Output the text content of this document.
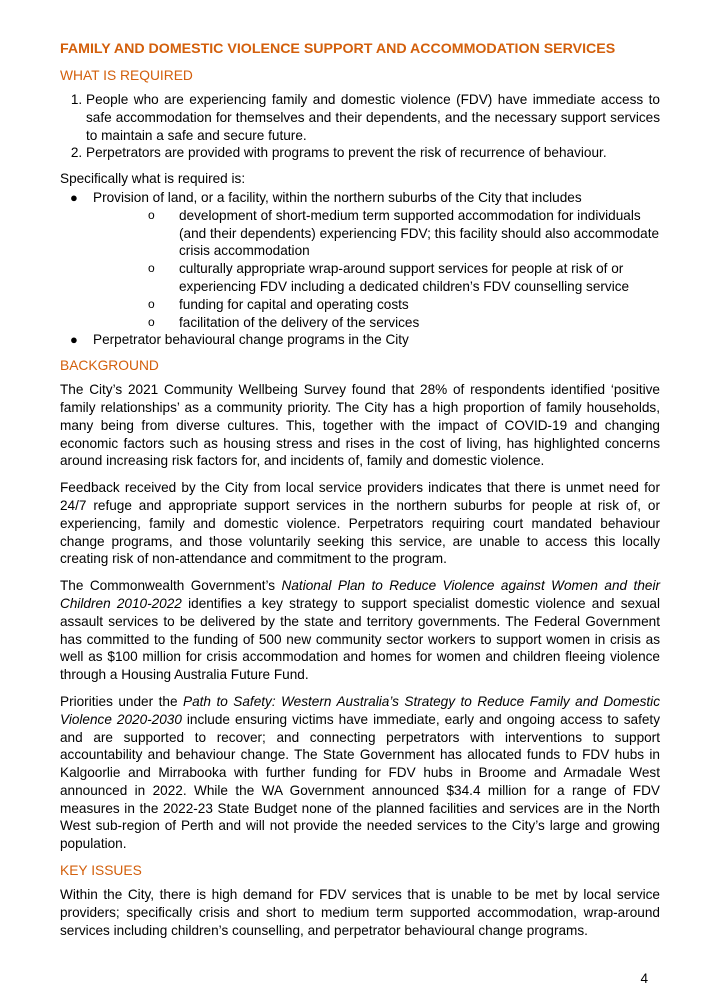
FAMILY AND DOMESTIC VIOLENCE SUPPORT AND ACCOMMODATION SERVICES
WHAT IS REQUIRED
1. People who are experiencing family and domestic violence (FDV) have immediate access to safe accommodation for themselves and their dependents, and the necessary support services to maintain a safe and secure future.
2. Perpetrators are provided with programs to prevent the risk of recurrence of behaviour.

Specifically what is required is:

● Provision of land, or a facility, within the northern suburbs of the City that includes
o development of short-medium term supported accommodation for individuals (and their dependents) experiencing FDV; this facility should also accommodate crisis accommodation
o culturally appropriate wrap-around support services for people at risk of or experiencing FDV including a dedicated children’s FDV counselling service
o funding for capital and operating costs
o facilitation of the delivery of the services
● Perpetrator behavioural change programs in the City
BACKGROUND

The City’s 2021 Community Wellbeing Survey found that 28% of respondents identified ‘positive family relationships’ as a community priority. The City has a high proportion of family households, many being from diverse cultures. This, together with the impact of COVID-19 and changing economic factors such as housing stress and rises in the cost of living, has highlighted concerns around increasing risk factors for, and incidents of, family and domestic violence.

Feedback received by the City from local service providers indicates that there is unmet need for 24/7 refuge and appropriate support services in the northern suburbs for people at risk of, or experiencing, family and domestic violence. Perpetrators requiring court mandated behaviour change programs, and those voluntarily seeking this service, are unable to access this locally creating risk of non-attendance and commitment to the program.

The Commonwealth Government’s National Plan to Reduce Violence against Women and their Children 2010-2022 identifies a key strategy to support specialist domestic violence and sexual assault services to be delivered by the state and territory governments. The Federal Government has committed to the funding of 500 new community sector workers to support women in crisis as well as $100 million for crisis accommodation and homes for women and children fleeing violence through a Housing Australia Future Fund.

Priorities under the Path to Safety: Western Australia’s Strategy to Reduce Family and Domestic Violence 2020-2030 include ensuring victims have immediate, early and ongoing access to safety and are supported to recover; and connecting perpetrators with interventions to support accountability and behaviour change. The State Government has allocated funds to FDV hubs in Kalgoorlie and Mirrabooka with further funding for FDV hubs in Broome and Armadale West announced in 2022. While the WA Government announced $34.4 million for a range of FDV measures in the 2022-23 State Budget none of the planned facilities and services are in the North West sub-region of Perth and will not provide the needed services to the City’s large and growing population.

KEY ISSUES

Within the City, there is high demand for FDV services that is unable to be met by local service providers; specifically crisis and short to medium term supported accommodation, wrap-around services including children’s counselling, and perpetrator behavioural change programs.

4
